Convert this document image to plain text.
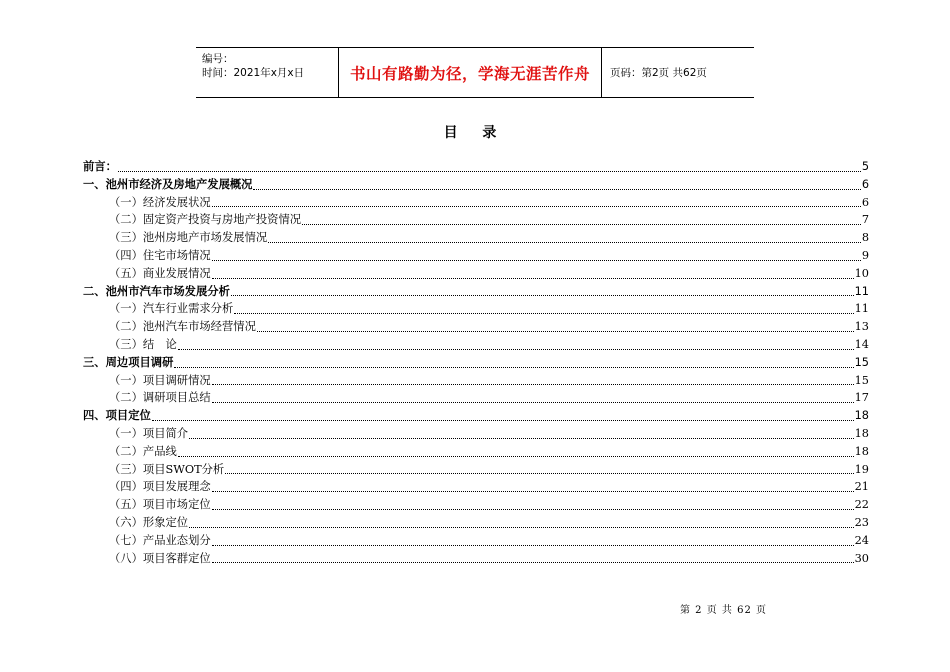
编号：
时间：2021年x月x日	书山有路勤为径，学海无涯苦作舟 页码：第2页 共62页
目 录
前言：	5
一、池州市经济及房地产发展概况	6
（一）经济发展状况	6
（二）固定资产投资与房地产投资情况	7
（三）池州房地产市场发展情况	8
（四）住宅市场情况	9
（五）商业发展情况	10
二、池州市汽车市场发展分析	11
（一）汽车行业需求分析	11
（二）池州汽车市场经营情况	13
（三）结　论	14
三、周边项目调研	15
（一）项目调研情况	15
（二）调研项目总结	17
四、项目定位	18
（一）项目简介	18
（二）产品线	18
（三）项目SWOT分析	19
（四）项目发展理念	21
（五）项目市场定位	22
（六）形象定位	23
（七）产品业态划分	24
（八）项目客群定位	30
第 2 页 共 62 页
